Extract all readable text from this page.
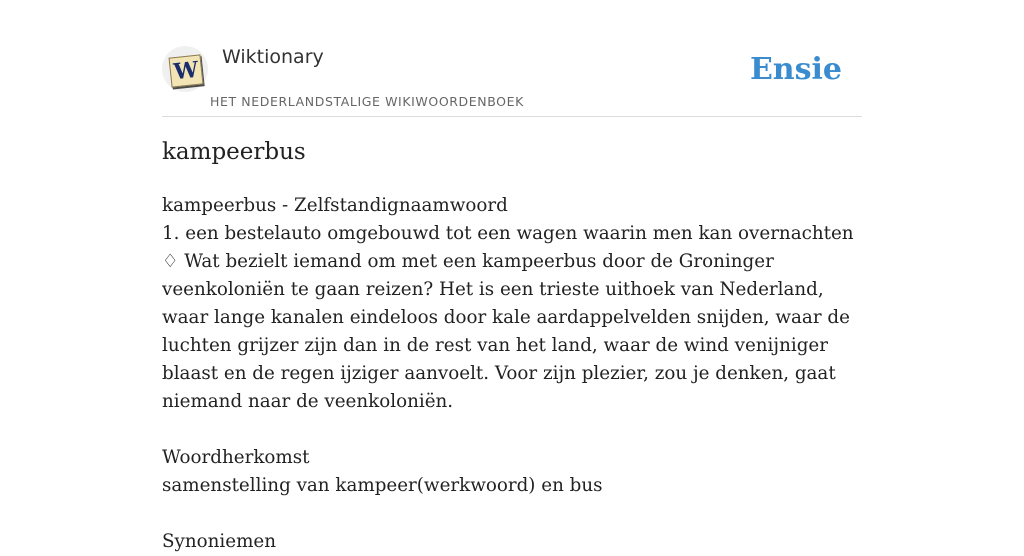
W Wiktionary
HET NEDERLANDSTALIGE WIKIWOORDENBOEK
Ensie
kampeerbus

kampeerbus - Zelfstandignaamwoord

1. een bestelauto omgebouwd tot een wagen waarin men kan overnachten

♢ Wat bezielt iemand om met een kampeerbus door de Groninger veenkoloniën te gaan reizen? Het is een trieste uithoek van Nederland, waar lange kanalen eindeloos door kale aardappelvelden snijden, waar de luchten grijzer zijn dan in de rest van het land, waar de wind venijniger blaast en de regen ijziger aanvoelt. Voor zijn plezier, zou je denken, gaat niemand naar de veenkoloniën.

Woordherkomst

samenstelling van kampeer(werkwoord) en bus

Synoniemen
